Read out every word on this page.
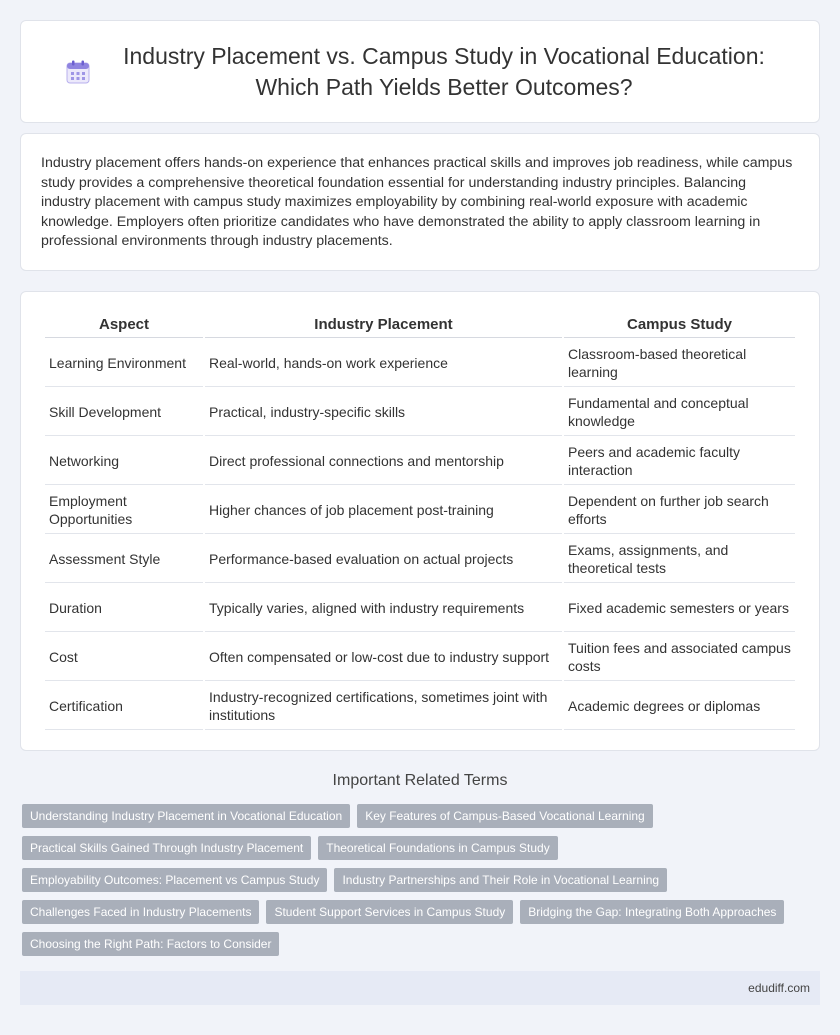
Industry Placement vs. Campus Study in Vocational Education: Which Path Yields Better Outcomes?

Industry placement offers hands-on experience that enhances practical skills and improves job readiness, while campus study provides a comprehensive theoretical foundation essential for understanding industry principles. Balancing industry placement with campus study maximizes employability by combining real-world exposure with academic knowledge. Employers often prioritize candidates who have demonstrated the ability to apply classroom learning in professional environments through industry placements.

Aspect	Industry Placement	Campus Study
Learning Environment	Real-world, hands-on work experience	Classroom-based theoretical learning
Skill Development	Practical, industry-specific skills	Fundamental and conceptual knowledge
Networking	Direct professional connections and mentorship	Peers and academic faculty interaction
Employment Opportunities	Higher chances of job placement post-training	Dependent on further job search efforts
Assessment Style	Performance-based evaluation on actual projects	Exams, assignments, and theoretical tests
Duration	Typically varies, aligned with industry requirements	Fixed academic semesters or years
Cost	Often compensated or low-cost due to industry support	Tuition fees and associated campus costs
Certification	Industry-recognized certifications, sometimes joint with institutions	Academic degrees or diplomas
Important Related Terms
Understanding Industry Placement in Vocational Education	Key Features of Campus-Based Vocational Learning
Practical Skills Gained Through Industry Placement	Theoretical Foundations in Campus Study
Employability Outcomes: Placement vs Campus Study	Industry Partnerships and Their Role in Vocational Learning
Challenges Faced in Industry Placements	Student Support Services in Campus Study	Bridging the Gap: Integrating Both Approaches
Choosing the Right Path: Factors to Consider
edudiff.com
